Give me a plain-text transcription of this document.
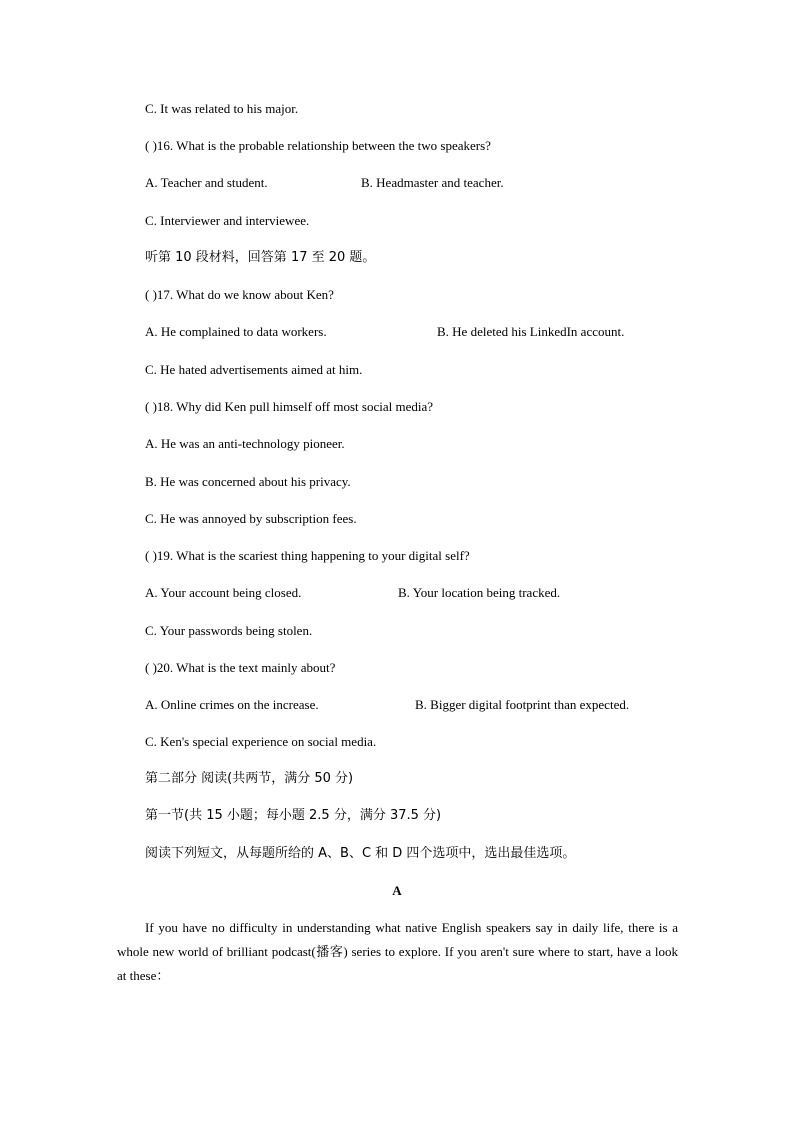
C. It was related to his major.
( )16. What is the probable relationship between the two speakers?
A. Teacher and student.	B. Headmaster and teacher.
C. Interviewer and interviewee.
听第 10 段材料，回答第 17 至 20 题。
( )17. What do we know about Ken?
A. He complained to data workers.	B. He deleted his LinkedIn account.
C. He hated advertisements aimed at him.
( )18. Why did Ken pull himself off most social media?
A. He was an anti-technology pioneer.
B. He was concerned about his privacy.
C. He was annoyed by subscription fees.
( )19. What is the scariest thing happening to your digital self?
A. Your account being closed.	B. Your location being tracked.
C. Your passwords being stolen.
( )20. What is the text mainly about?
A. Online crimes on the increase.	B. Bigger digital footprint than expected.
C. Ken's special experience on social media.
第二部分 阅读(共两节，满分 50 分)
第一节(共 15 小题；每小题 2.5 分，满分 37.5 分)
阅读下列短文，从每题所给的 A、B、C 和 D 四个选项中，选出最佳选项。
A
If you have no difficulty in understanding what native English speakers say in daily life, there is a whole new world of brilliant podcast(播客) series to explore. If you aren't sure where to start, have a look at these：
